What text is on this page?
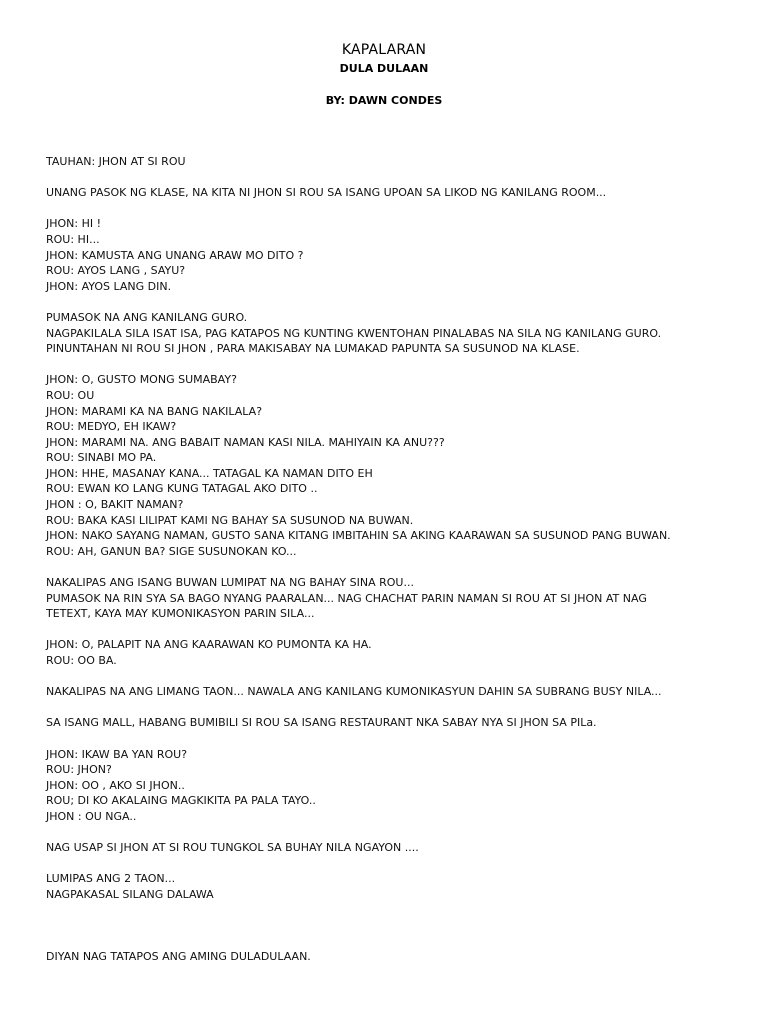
KAPALARAN
DULA DULAAN
BY: DAWN CONDES
TAUHAN: JHON AT SI ROU
UNANG PASOK NG KLASE, NA KITA NI JHON SI ROU SA ISANG UPOAN SA LIKOD NG KANILANG ROOM...
JHON: HI !
ROU: HI...
JHON: KAMUSTA ANG UNANG ARAW MO DITO ?
ROU: AYOS LANG , SAYU?
JHON: AYOS LANG DIN.
PUMASOK NA ANG KANILANG GURO.
NAGPAKILALA SILA ISAT ISA, PAG KATAPOS NG KUNTING KWENTOHAN PINALABAS NA SILA NG KANILANG GURO.
PINUNTAHAN NI ROU SI JHON , PARA MAKISABAY NA LUMAKAD PAPUNTA SA SUSUNOD NA KLASE.
JHON: O, GUSTO MONG SUMABAY?
ROU: OU
JHON: MARAMI KA NA BANG NAKILALA?
ROU: MEDYO, EH IKAW?
JHON: MARAMI NA. ANG BABAIT NAMAN KASI NILA. MAHIYAIN KA ANU???
ROU: SINABI MO PA.
JHON: HHE, MASANAY KANA... TATAGAL KA NAMAN DITO EH
ROU: EWAN KO LANG KUNG TATAGAL AKO DITO ..
JHON : O, BAKIT NAMAN?
ROU: BAKA KASI LILIPAT KAMI NG BAHAY SA SUSUNOD NA BUWAN.
JHON: NAKO SAYANG NAMAN, GUSTO SANA KITANG IMBITAHIN SA AKING KAARAWAN SA SUSUNOD PANG BUWAN.
ROU: AH, GANUN BA? SIGE SUSUNOKAN KO...
NAKALIPAS ANG ISANG BUWAN LUMIPAT NA NG BAHAY SINA ROU...
PUMASOK NA RIN SYA SA BAGO NYANG PAARALAN... NAG CHACHAT PARIN NAMAN SI ROU AT SI JHON AT NAG
TETEXT, KAYA MAY KUMONIKASYON PARIN SILA...
JHON: O, PALAPIT NA ANG KAARAWAN KO PUMONTA KA HA.
ROU: OO BA.
NAKALIPAS NA ANG LIMANG TAON... NAWALA ANG KANILANG KUMONIKASYUN DAHIN SA SUBRANG BUSY NILA...
SA ISANG MALL, HABANG BUMIBILI SI ROU SA ISANG RESTAURANT NKA SABAY NYA SI JHON SA PILa.
JHON: IKAW BA YAN ROU?
ROU: JHON?
JHON: OO , AKO SI JHON..
ROU; DI KO AKALAING MAGKIKITA PA PALA TAYO..
JHON : OU NGA..
NAG USAP SI JHON AT SI ROU TUNGKOL SA BUHAY NILA NGAYON ....
LUMIPAS ANG 2 TAON...
NAGPAKASAL SILANG DALAWA
DIYAN NAG TATAPOS ANG AMING DULADULAAN.
